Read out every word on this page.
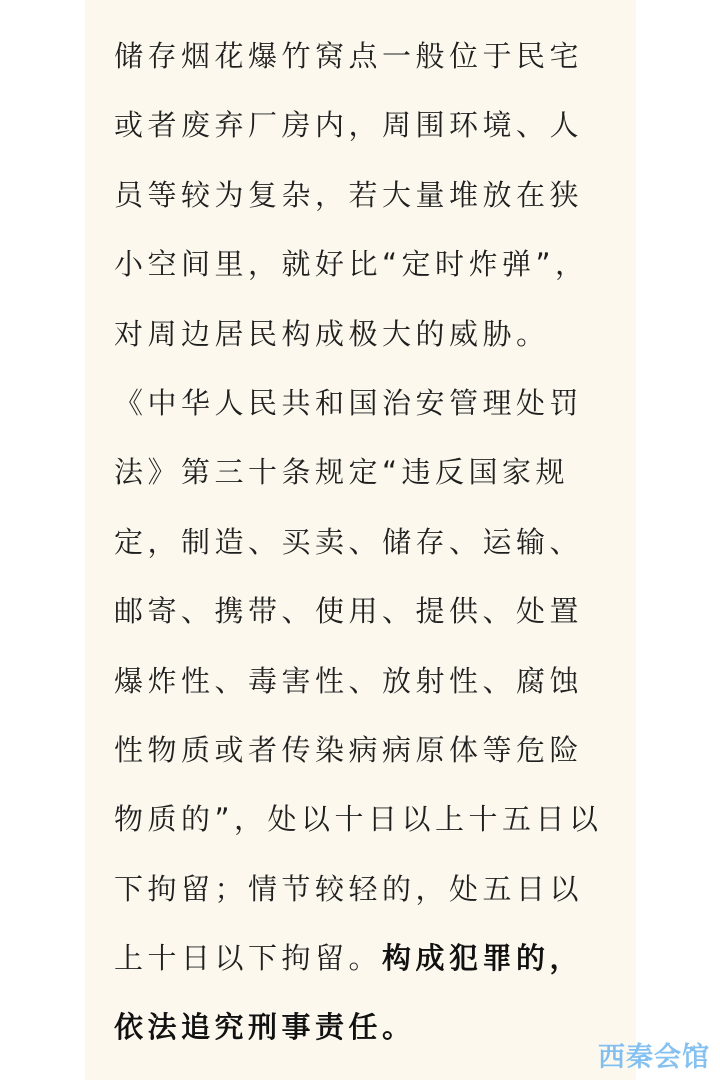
储存烟花爆竹窝点一般位于民宅
或者废弃厂房内，周围环境、人
员等较为复杂，若大量堆放在狭
小空间里，就好比“定时炸弹”，
对周边居民构成极大的威胁。
《中华人民共和国治安管理处罚
法》第三十条规定“违反国家规
定，制造、买卖、储存、运输、
邮寄、携带、使用、提供、处置
爆炸性、毒害性、放射性、腐蚀
性物质或者传染病病原体等危险
物质的”，处以十日以上十五日以
下拘留；情节较轻的，处五日以
上十日以下拘留。构成犯罪的，
依法追究刑事责任。
西秦会馆
